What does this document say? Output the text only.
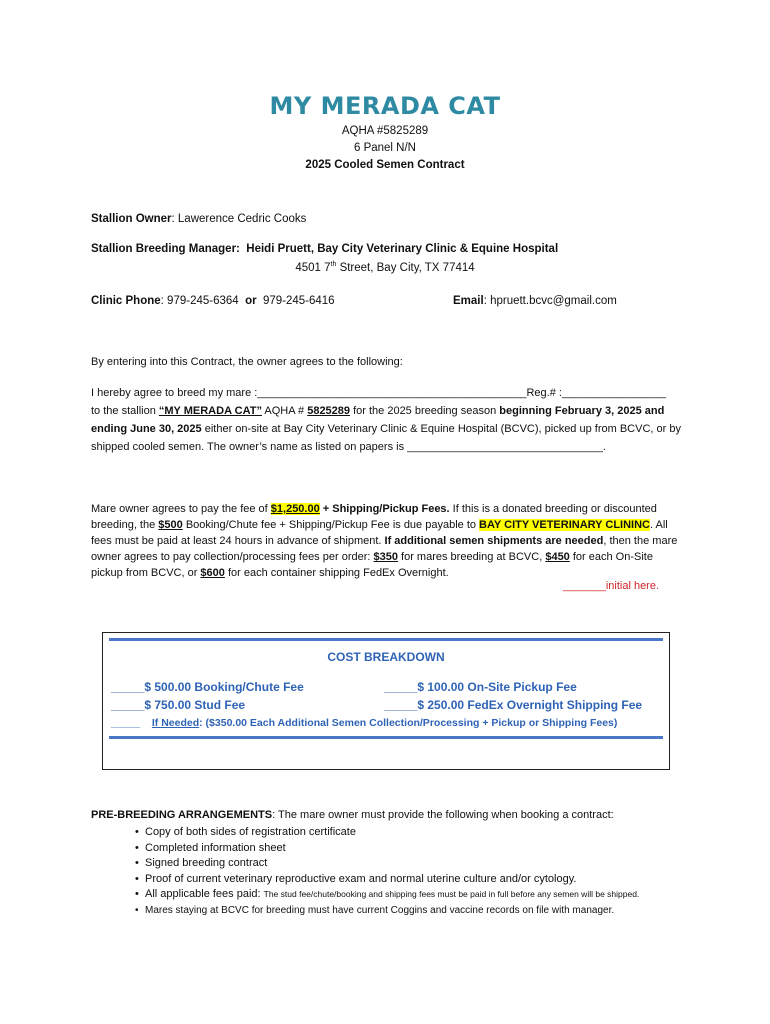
MY MERADA CAT
AQHA #5825289
6 Panel N/N
2025 Cooled Semen Contract
Stallion Owner: Lawerence Cedric Cooks
Stallion Breeding Manager: Heidi Pruett, Bay City Veterinary Clinic & Equine Hospital
4501 7th Street, Bay City, TX 77414
Clinic Phone: 979-245-6364 or 979-245-6416	Email: hpruett.bcvc@gmail.com
By entering into this Contract, the owner agrees to the following:
I hereby agree to breed my mare :____________________________________________Reg.# :_________________
to the stallion “MY MERADA CAT” AQHA # 5825289 for the 2025 breeding season beginning February 3, 2025 and ending June 30, 2025 either on-site at Bay City Veterinary Clinic & Equine Hospital (BCVC), picked up from BCVC, or by shipped cooled semen. The owner’s name as listed on papers is ________________________________.
Mare owner agrees to pay the fee of $1,250.00 + Shipping/Pickup Fees. If this is a donated breeding or discounted breeding, the $500 Booking/Chute fee + Shipping/Pickup Fee is due payable to BAY CITY VETERINARY CLININC. All fees must be paid at least 24 hours in advance of shipment. If additional semen shipments are needed, then the mare owner agrees to pay collection/processing fees per order: $350 for mares breeding at BCVC, $450 for each On-Site pickup from BCVC, or $600 for each container shipping FedEx Overnight.
_______initial here.
COST BREAKDOWN
_____$ 500.00 Booking/Chute Fee	_____$ 100.00 On-Site Pickup Fee
_____$ 750.00 Stud Fee	_____$ 250.00 FedEx Overnight Shipping Fee
_____ If Needed: ($350.00 Each Additional Semen Collection/Processing + Pickup or Shipping Fees)
PRE-BREEDING ARRANGEMENTS: The mare owner must provide the following when booking a contract:
• Copy of both sides of registration certificate
• Completed information sheet
• Signed breeding contract
• Proof of current veterinary reproductive exam and normal uterine culture and/or cytology.
• All applicable fees paid: The stud fee/chute/booking and shipping fees must be paid in full before any semen will be shipped.
• Mares staying at BCVC for breeding must have current Coggins and vaccine records on file with manager.
